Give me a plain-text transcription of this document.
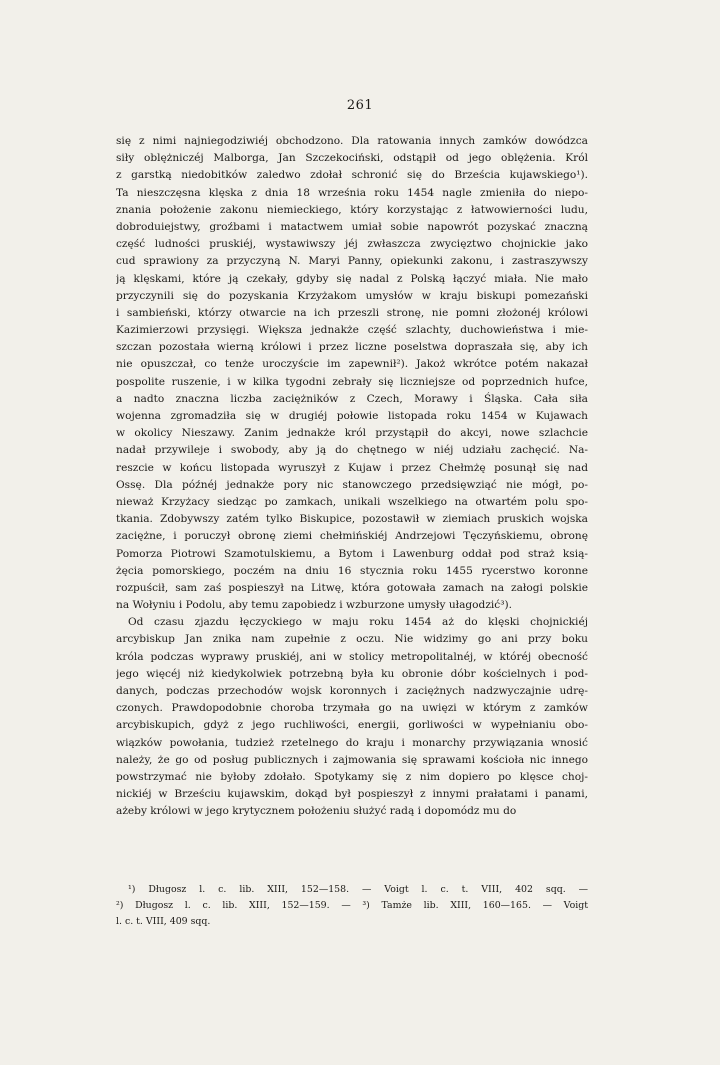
261
się z nimi najniegodziwiéj obchodzono. Dla ratowania innych zamków dowódzca
siły oblężniczéj Malborga, Jan Szczekociński, odstąpił od jego oblężenia. Król
z garstką niedobitków zaledwo zdołał schronić się do Brześcia kujawskiego¹).
Ta nieszczęsna klęska z dnia 18 września roku 1454 nagle zmieniła do niepo-
znania położenie zakonu niemieckiego, który korzystając z łatwowierności ludu,
dobroduiejstwy, groźbami i matactwem umiał sobie napowrót pozyskać znaczną
część ludności pruskiéj, wystawiwszy jéj zwłaszcza zwycięztwo chojnickie jako
cud sprawiony za przyczyną N. Maryi Panny, opiekunki zakonu, i zastraszywszy
ją klęskami, które ją czekały, gdyby się nadal z Polską łączyć miała. Nie mało
przyczynili się do pozyskania Krzyżakom umysłów w kraju biskupi pomezański
i sambieński, którzy otwarcie na ich przeszli stronę, nie pomni złożonéj królowi
Kazimierzowi przysięgi. Większa jednakże część szlachty, duchowieństwa i mie-
szczan pozostała wierną królowi i przez liczne poselstwa dopraszała się, aby ich
nie opuszczał, co tenże uroczyście im zapewnił²). Jakoż wkrótce potém nakazał
pospolite ruszenie, i w kilka tygodni zebrały się liczniejsze od poprzednich hufce,
a nadto znaczna liczba zaciężników z Czech, Morawy i Śląska. Cała siła
wojenna zgromadziła się w drugiéj połowie listopada roku 1454 w Kujawach
w okolicy Nieszawy. Zanim jednakże król przystąpił do akcyi, nowe szlachcie
nadał przywileje i swobody, aby ją do chętnego w niéj udziału zachęcić. Na-
reszcie w końcu listopada wyruszył z Kujaw i przez Chełmżę posunął się nad
Ossę. Dla późnéj jednakże pory nic stanowczego przedsięwziąć nie mógł, po-
nieważ Krzyżacy siedząc po zamkach, unikali wszelkiego na otwartém polu spo-
tkania. Zdobywszy zatém tylko Biskupice, pozostawił w ziemiach pruskich wojska
zaciężne, i poruczył obronę ziemi chełmińskiéj Andrzejowi Tęczyńskiemu, obronę
Pomorza Piotrowi Szamotulskiemu, a Bytom i Lawenburg oddał pod straż ksią-
żęcia pomorskiego, poczém na dniu 16 stycznia roku 1455 rycerstwo koronne
rozpuścił, sam zaś pospieszył na Litwę, która gotowała zamach na załogi polskie
na Wołyniu i Podolu, aby temu zapobiedz i wzburzone umysły ułagodzić³).
Od czasu zjazdu łęczyckiego w maju roku 1454 aż do klęski chojnickiéj
arcybiskup Jan znika nam zupełnie z oczu. Nie widzimy go ani przy boku
króla podczas wyprawy pruskiéj, ani w stolicy metropolitalnéj, w któréj obecność
jego więcéj niż kiedykolwiek potrzebną była ku obronie dóbr kościelnych i pod-
danych, podczas przechodów wojsk koronnych i zaciężnych nadzwyczajnie udrę-
czonych. Prawdopodobnie choroba trzymała go na uwięzi w którym z zamków
arcybiskupich, gdyż z jego ruchliwości, energii, gorliwości w wypełnianiu obo-
wiązków powołania, tudzież rzetelnego do kraju i monarchy przywiązania wnosić
należy, że go od posług publicznych i zajmowania się sprawami kościoła nic innego
powstrzymać nie byłoby zdołało. Spotykamy się z nim dopiero po klęsce choj-
nickiéj w Brześciu kujawskim, dokąd był pospieszył z innymi prałatami i panami,
ażeby królowi w jego krytycznem położeniu służyć radą i dopomódz mu do
¹) Długosz l. c. lib. XIII, 152—158. — Voigt l. c. t. VIII, 402 sqq. —
²) Długosz l. c. lib. XIII, 152—159. — ³) Tamże lib. XIII, 160—165. — Voigt
l. c. t. VIII, 409 sqq.
